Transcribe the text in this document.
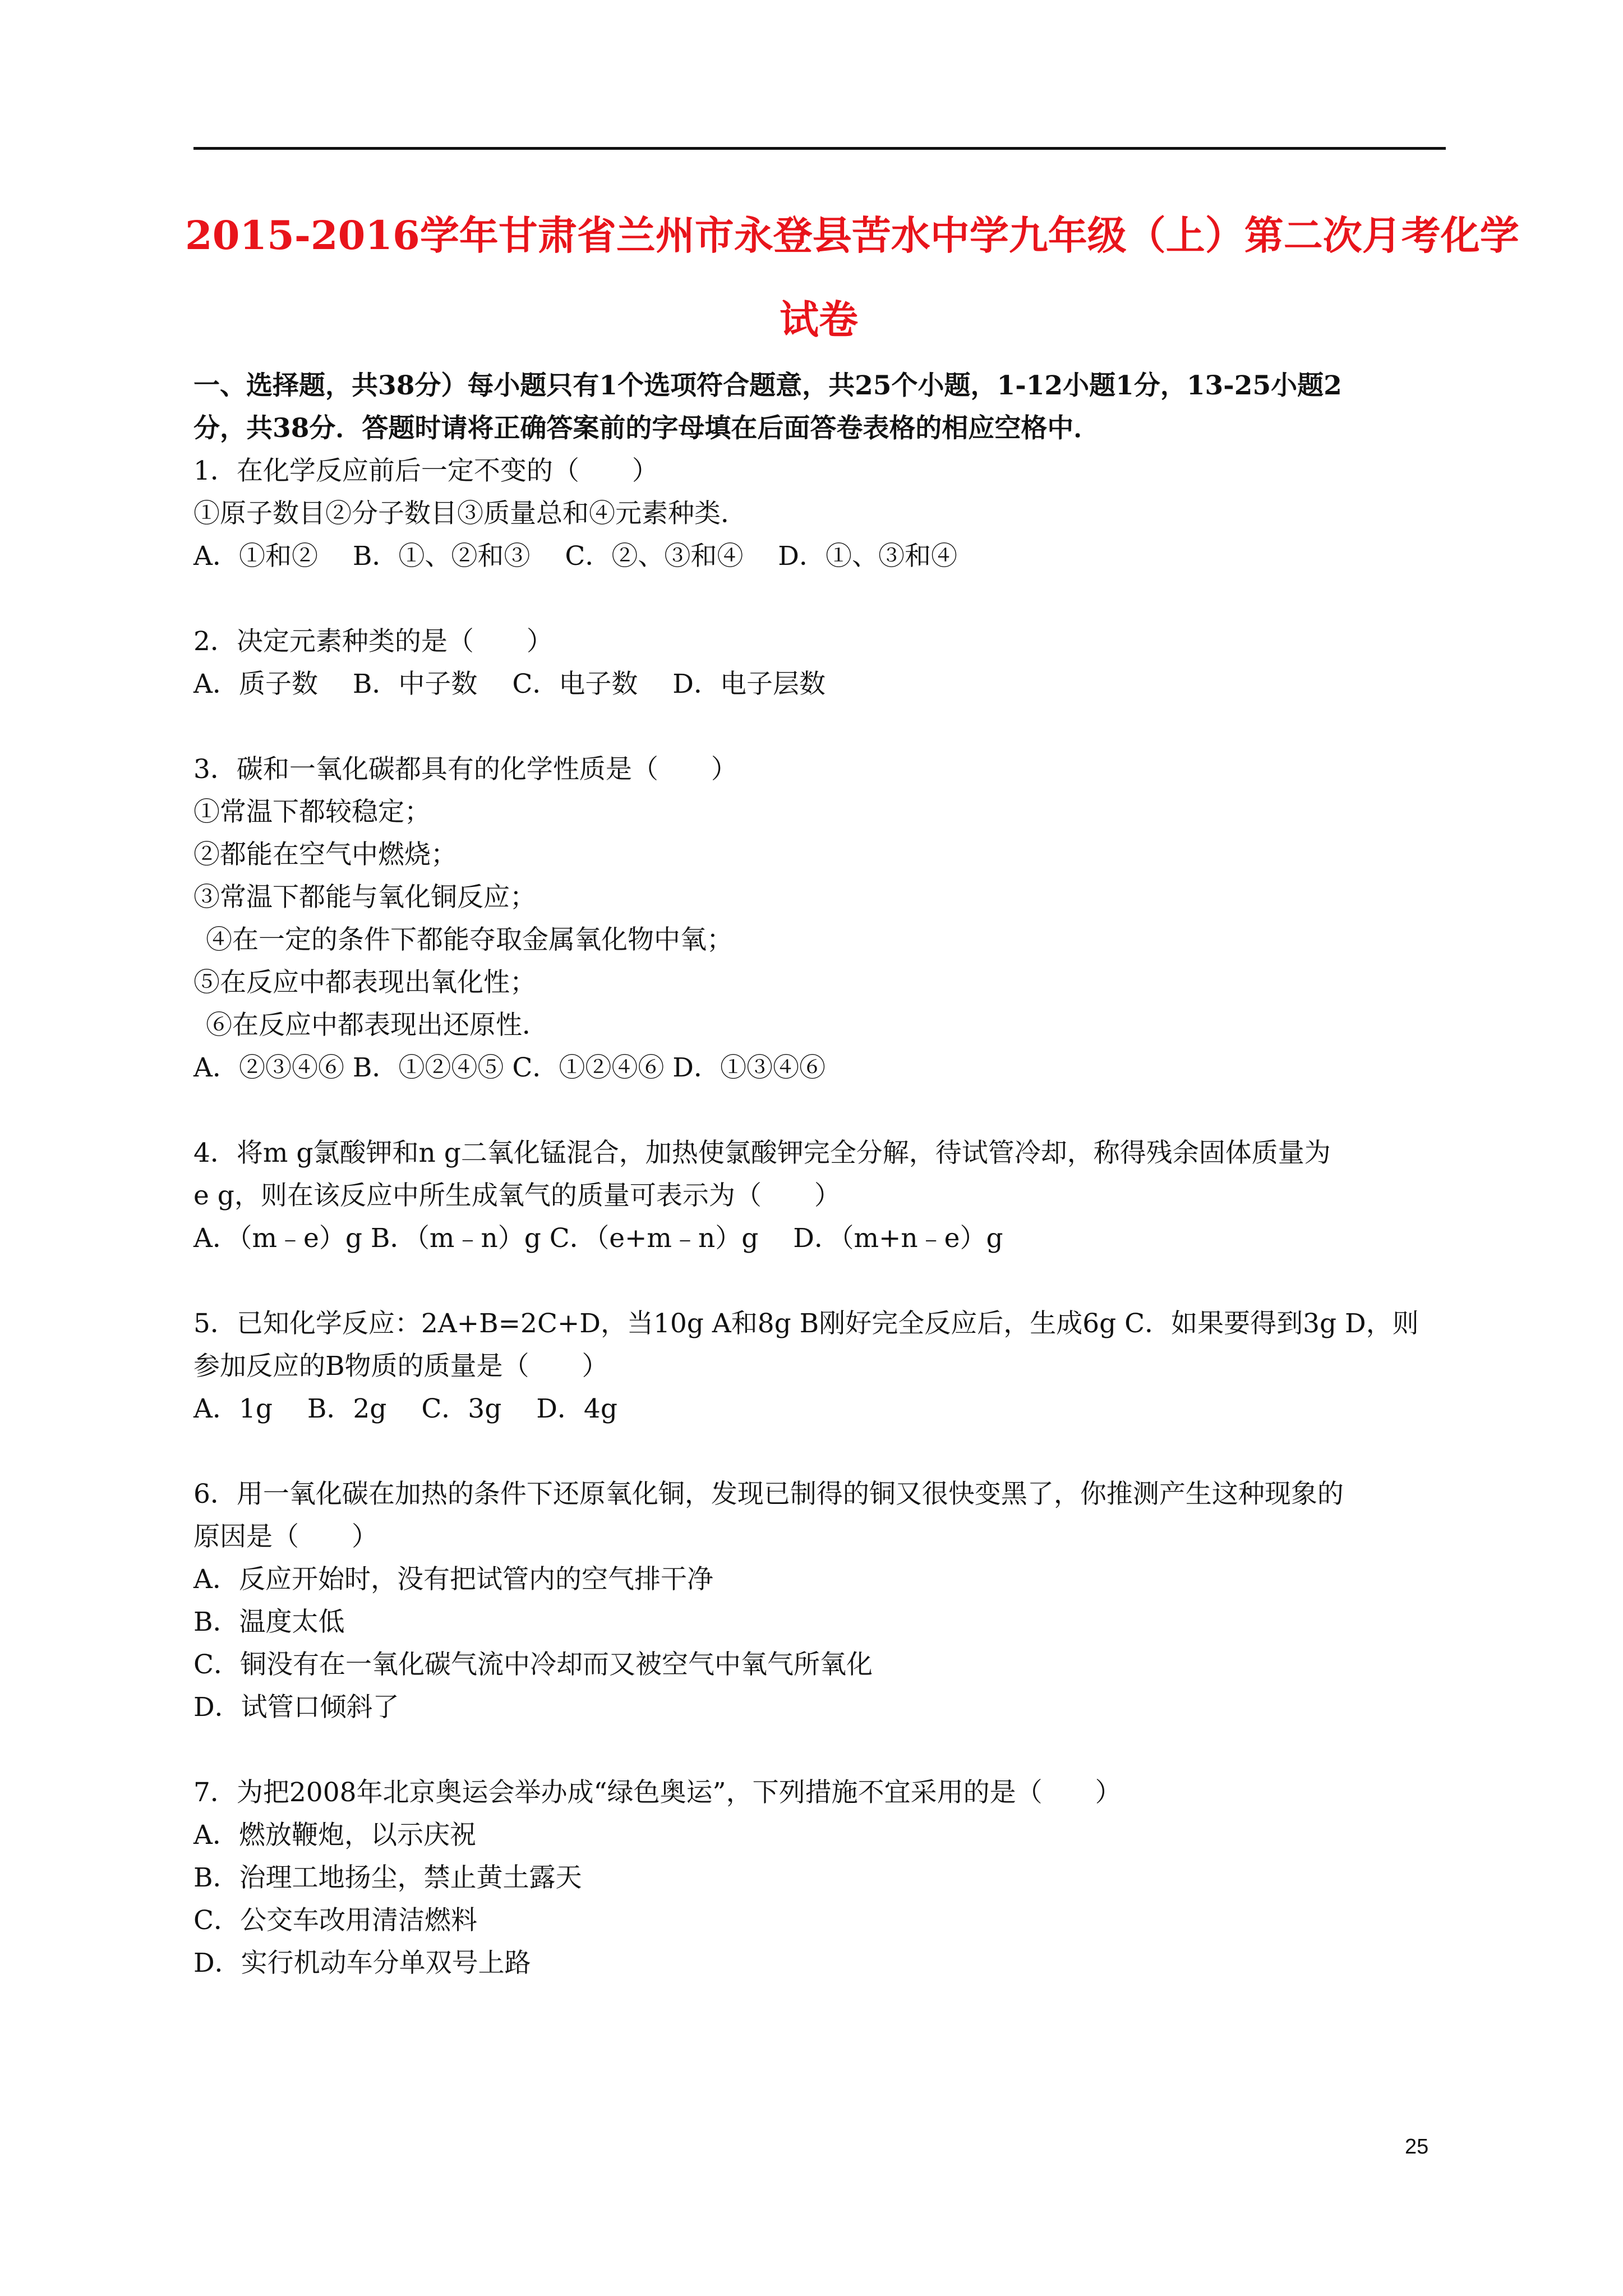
2015-2016学年甘肃省兰州市永登县苦水中学九年级（上）第二次月考化学
试卷

一、选择题，共38分）每小题只有1个选项符合题意，共25个小题，1-12小题1分，13-25小题2

分，共38分．答题时请将正确答案前的字母填在后面答卷表格的相应空格中．

1．在化学反应前后一定不变的（　　）

①原子数目②分子数目③质量总和④元素种类．

A．①和②　 B．①、②和③　 C．②、③和④　 D．①、③和④

2．决定元素种类的是（　　）

A．质子数　 B．中子数　 C．电子数　 D．电子层数

3．碳和一氧化碳都具有的化学性质是（　　）

①常温下都较稳定；

②都能在空气中燃烧；

③常温下都能与氧化铜反应；

④在一定的条件下都能夺取金属氧化物中氧；

⑤在反应中都表现出氧化性；

⑥在反应中都表现出还原性．

A．②③④⑥ B．①②④⑤ C．①②④⑥ D．①③④⑥

4．将m g氯酸钾和n g二氧化锰混合，加热使氯酸钾完全分解，待试管冷却，称得残余固体质量为

e g，则在该反应中所生成氧气的质量可表示为（　　）

A．（m﹣e）g B．（m﹣n）g C．（e+m﹣n）g　 D．（m+n﹣e）g

5．已知化学反应：2A+B=2C+D，当10g A和8g B刚好完全反应后，生成6g C．如果要得到3g D，则

参加反应的B物质的质量是（　　）

A．1g　 B．2g　 C．3g　 D．4g

6．用一氧化碳在加热的条件下还原氧化铜，发现已制得的铜又很快变黑了，你推测产生这种现象的

原因是（　　）

A．反应开始时，没有把试管内的空气排干净

B．温度太低

C．铜没有在一氧化碳气流中冷却而又被空气中氧气所氧化

D．试管口倾斜了

7．为把2008年北京奥运会举办成“绿色奥运”，下列措施不宜采用的是（　　）

A．燃放鞭炮，以示庆祝

B．治理工地扬尘，禁止黄土露天

C．公交车改用清洁燃料

D．实行机动车分单双号上路

25
